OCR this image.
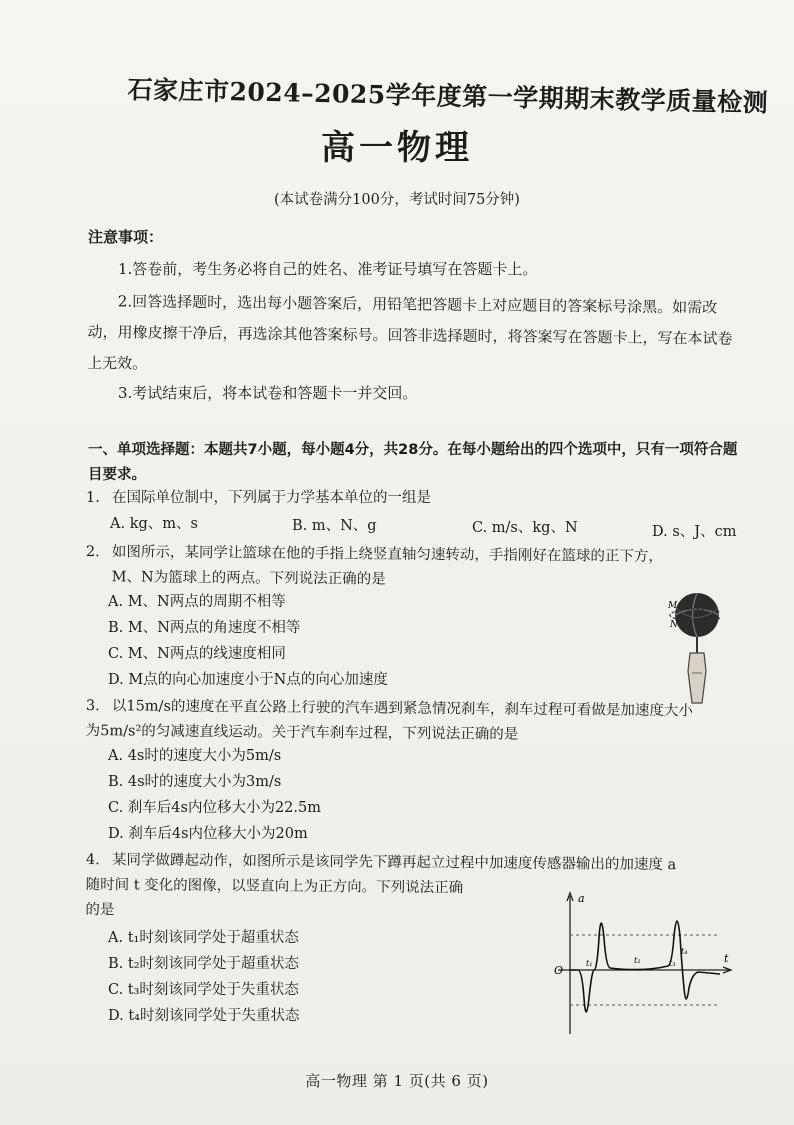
石家庄市2024–2025学年度第一学期期末教学质量检测
高一物理
(本试卷满分100分，考试时间75分钟)
注意事项：
1.答卷前，考生务必将自己的姓名、准考证号填写在答题卡上。
2.回答选择题时，选出每小题答案后，用铅笔把答题卡上对应题目的答案标号涂黑。如需改动，用橡皮擦干净后，再选涂其他答案标号。回答非选择题时，将答案写在答题卡上，写在本试卷上无效。
3.考试结束后，将本试卷和答题卡一并交回。
一、单项选择题：本题共7小题，每小题4分，共28分。在每小题给出的四个选项中，只有一项符合题目要求。
1. 在国际单位制中，下列属于力学基本单位的一组是
A. kg、m、s	B. m、N、g	C. m/s、kg、N	D. s、J、cm
2. 如图所示，某同学让篮球在他的手指上绕竖直轴匀速转动，手指刚好在篮球的正下方，
M、N为篮球上的两点。下列说法正确的是
A. M、N两点的周期不相等
B. M、N两点的角速度不相等
C. M、N两点的线速度相同
D. M点的向心加速度小于N点的向心加速度
M
N
3. 以15m/s的速度在平直公路上行驶的汽车遇到紧急情况刹车，刹车过程可看做是加速度大小
为5m/s²的匀减速直线运动。关于汽车刹车过程，下列说法正确的是
A. 4s时的速度大小为5m/s
B. 4s时的速度大小为3m/s
C. 刹车后4s内位移大小为22.5m
D. 刹车后4s内位移大小为20m
4. 某同学做蹲起动作，如图所示是该同学先下蹲再起立过程中加速度传感器输出的加速度 a
随时间 t 变化的图像，以竖直向上为正方向。下列说法正确
的是
A. t₁时刻该同学处于超重状态
B. t₂时刻该同学处于超重状态
C. t₃时刻该同学处于失重状态
D. t₄时刻该同学处于失重状态
a
t
O
t₁	t₂	t₃
t₄
高一物理 第 1 页(共 6 页)
